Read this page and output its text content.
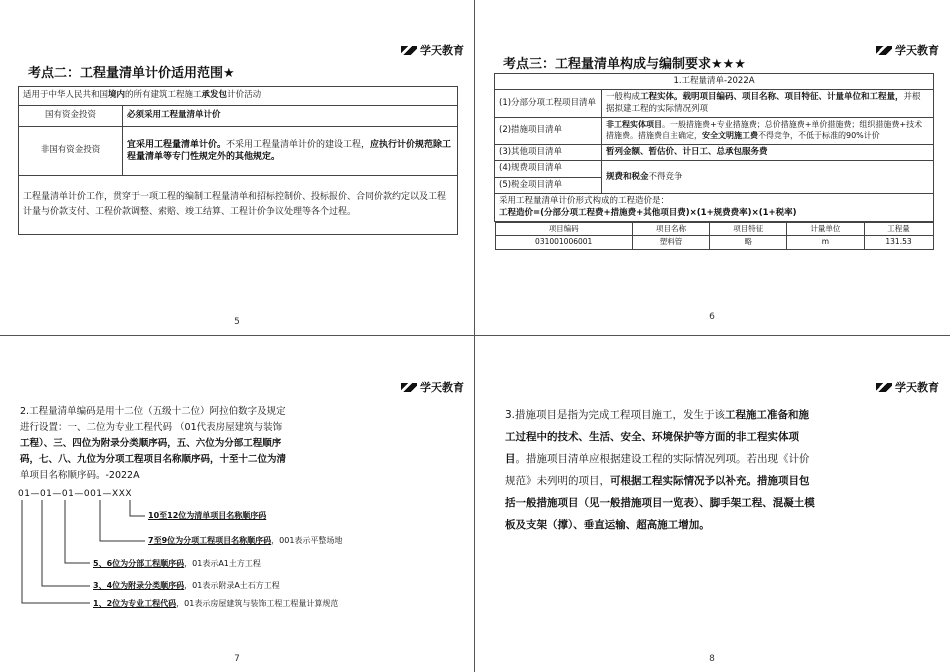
学天教育
考点二：工程量清单计价适用范围★
适用于中华人民共和国境内的所有建筑工程施工承发包计价活动	
国有资金投资	必须采用工程量清单计价
非国有资金投资	宜采用工程量清单计价。不采用工程量清单计价的建设工程，应执行计价规范除工程量清单等专门性规定外的其他规定。
工程量清单计价工作，贯穿于一项工程的编制工程量清单和招标控制价、投标报价、合同价款约定以及工程计量与价款支付、工程价款调整、索赔、竣工结算、工程计价争议处理等各个过程。	
5
学天教育
考点三：工程量清单构成与编制要求★★★
1.工程量清单-2022A
(1)分部分项工程项目清单	一般构成工程实体。载明项目编码、项目名称、项目特征、计量单位和工程量，并根据拟建工程的实际情况列项
(2)措施项目清单	非工程实体项目。一般措施费+专业措施费；总价措施费+单价措施费；组织措施费+技术措施费。措施费自主确定，安全文明施工费不得竞争，不低于标准的90%计价
(3)其他项目清单	暂列金额、暂估价、计日工、总承包服务费
(4)规费项目清单	规费和税金不得竞争
(5)税金项目清单

采用工程量清单计价形式构成的工程造价是：
工程造价=(分部分项工程费+措施费+其他项目费)×(1+规费费率)×(1+税率)

项目编码	项目名称	项目特征	计量单位	工程量
031001006001	塑料管	略	m	131.53
6
学天教育
7
2.工程量清单编码是用十二位（五级十二位）阿拉伯数字及规定
进行设置：一、二位为专业工程代码 （01代表房屋建筑与装饰
工程）、三、四位为附录分类顺序码，五、六位为分部工程顺序
码，七、八、九位为分项工程项目名称顺序码，十至十二位为清
单项目名称顺序码。-2022A
01—01—01—001—XXX
10至12位为清单项目名称顺序码
7至9位为分项工程项目名称顺序码，001表示平整场地
5、6位为分部工程顺序码，01表示A1土方工程
3、4位为附录分类顺序码，01表示附录A土石方工程
1、2位为专业工程代码，01表示房屋建筑与装饰工程工程量计算规范
学天教育
8
3.措施项目是指为完成工程项目施工，发生于该工程施工准备和施工过程中的技术、生活、安全、环境保护等方面的非工程实体项目。措施项目清单应根据建设工程的实际情况列项。若出现《计价规范》未列明的项目，可根据工程实际情况予以补充。措施项目包括一般措施项目（见一般措施项目一览表）、脚手架工程、混凝土模板及支架（撑）、垂直运输、超高施工增加。
